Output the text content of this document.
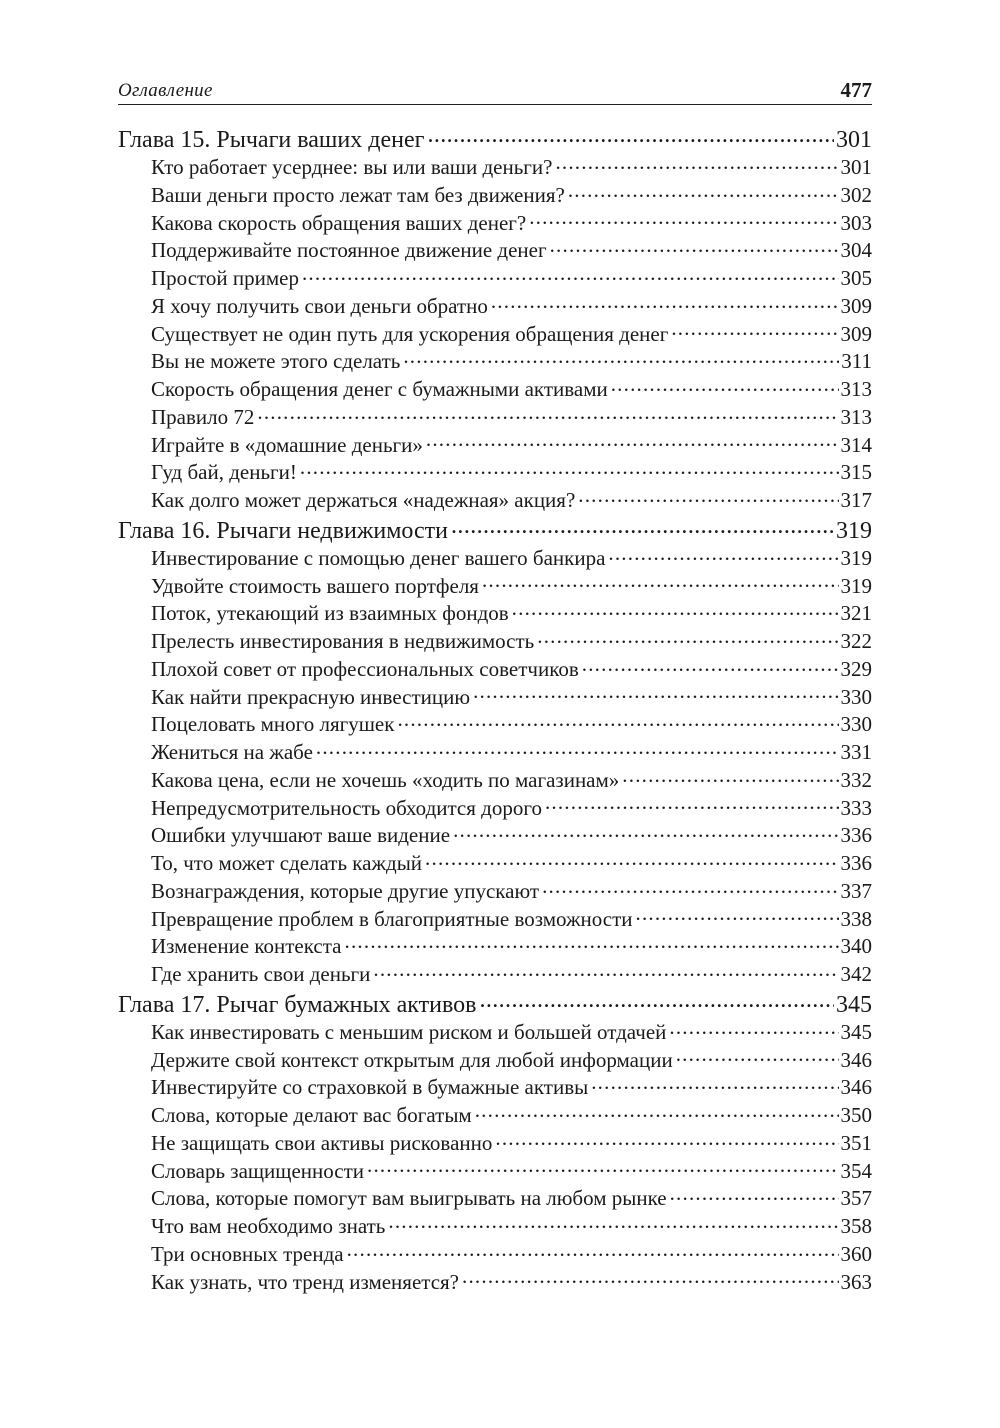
Оглавление	477
Глава 15. Рычаги ваших денег .....	301
Кто работает усерднее: вы или ваши деньги? .....	301
Ваши деньги просто лежат там без движения? .....	302
Какова скорость обращения ваших денег? .....	303
Поддерживайте постоянное движение денег .....	304
Простой пример .....	305
Я хочу получить свои деньги обратно .....	309
Существует не один путь для ускорения обращения денег .....	309
Вы не можете этого сделать .....	311
Скорость обращения денег с бумажными активами .....	313
Правило 72 .....	313
Играйте в «домашние деньги» .....	314
Гуд бай, деньги! .....	315
Как долго может держаться «надежная» акция? .....	317
Глава 16. Рычаги недвижимости .....	319
Инвестирование с помощью денег вашего банкира .....	319
Удвойте стоимость вашего портфеля .....	319
Поток, утекающий из взаимных фондов .....	321
Прелесть инвестирования в недвижимость .....	322
Плохой совет от профессиональных советчиков .....	329
Как найти прекрасную инвестицию .....	330
Поцеловать много лягушек .....	330
Жениться на жабе .....	331
Какова цена, если не хочешь «ходить по магазинам» .....	332
Непредусмотрительность обходится дорого .....	333
Ошибки улучшают ваше видение .....	336
То, что может сделать каждый .....	336
Вознаграждения, которые другие упускают .....	337
Превращение проблем в благоприятные возможности .....	338
Изменение контекста .....	340
Где хранить свои деньги .....	342
Глава 17. Рычаг бумажных активов .....	345
Как инвестировать с меньшим риском и большей отдачей .....	345
Держите свой контекст открытым для любой информации .....	346
Инвестируйте со страховкой в бумажные активы .....	346
Слова, которые делают вас богатым .....	350
Не защищать свои активы рискованно .....	351
Словарь защищенности .....	354
Слова, которые помогут вам выигрывать на любом рынке .....	357
Что вам необходимо знать .....	358
Три основных тренда .....	360
Как узнать, что тренд изменяется? .....	363
